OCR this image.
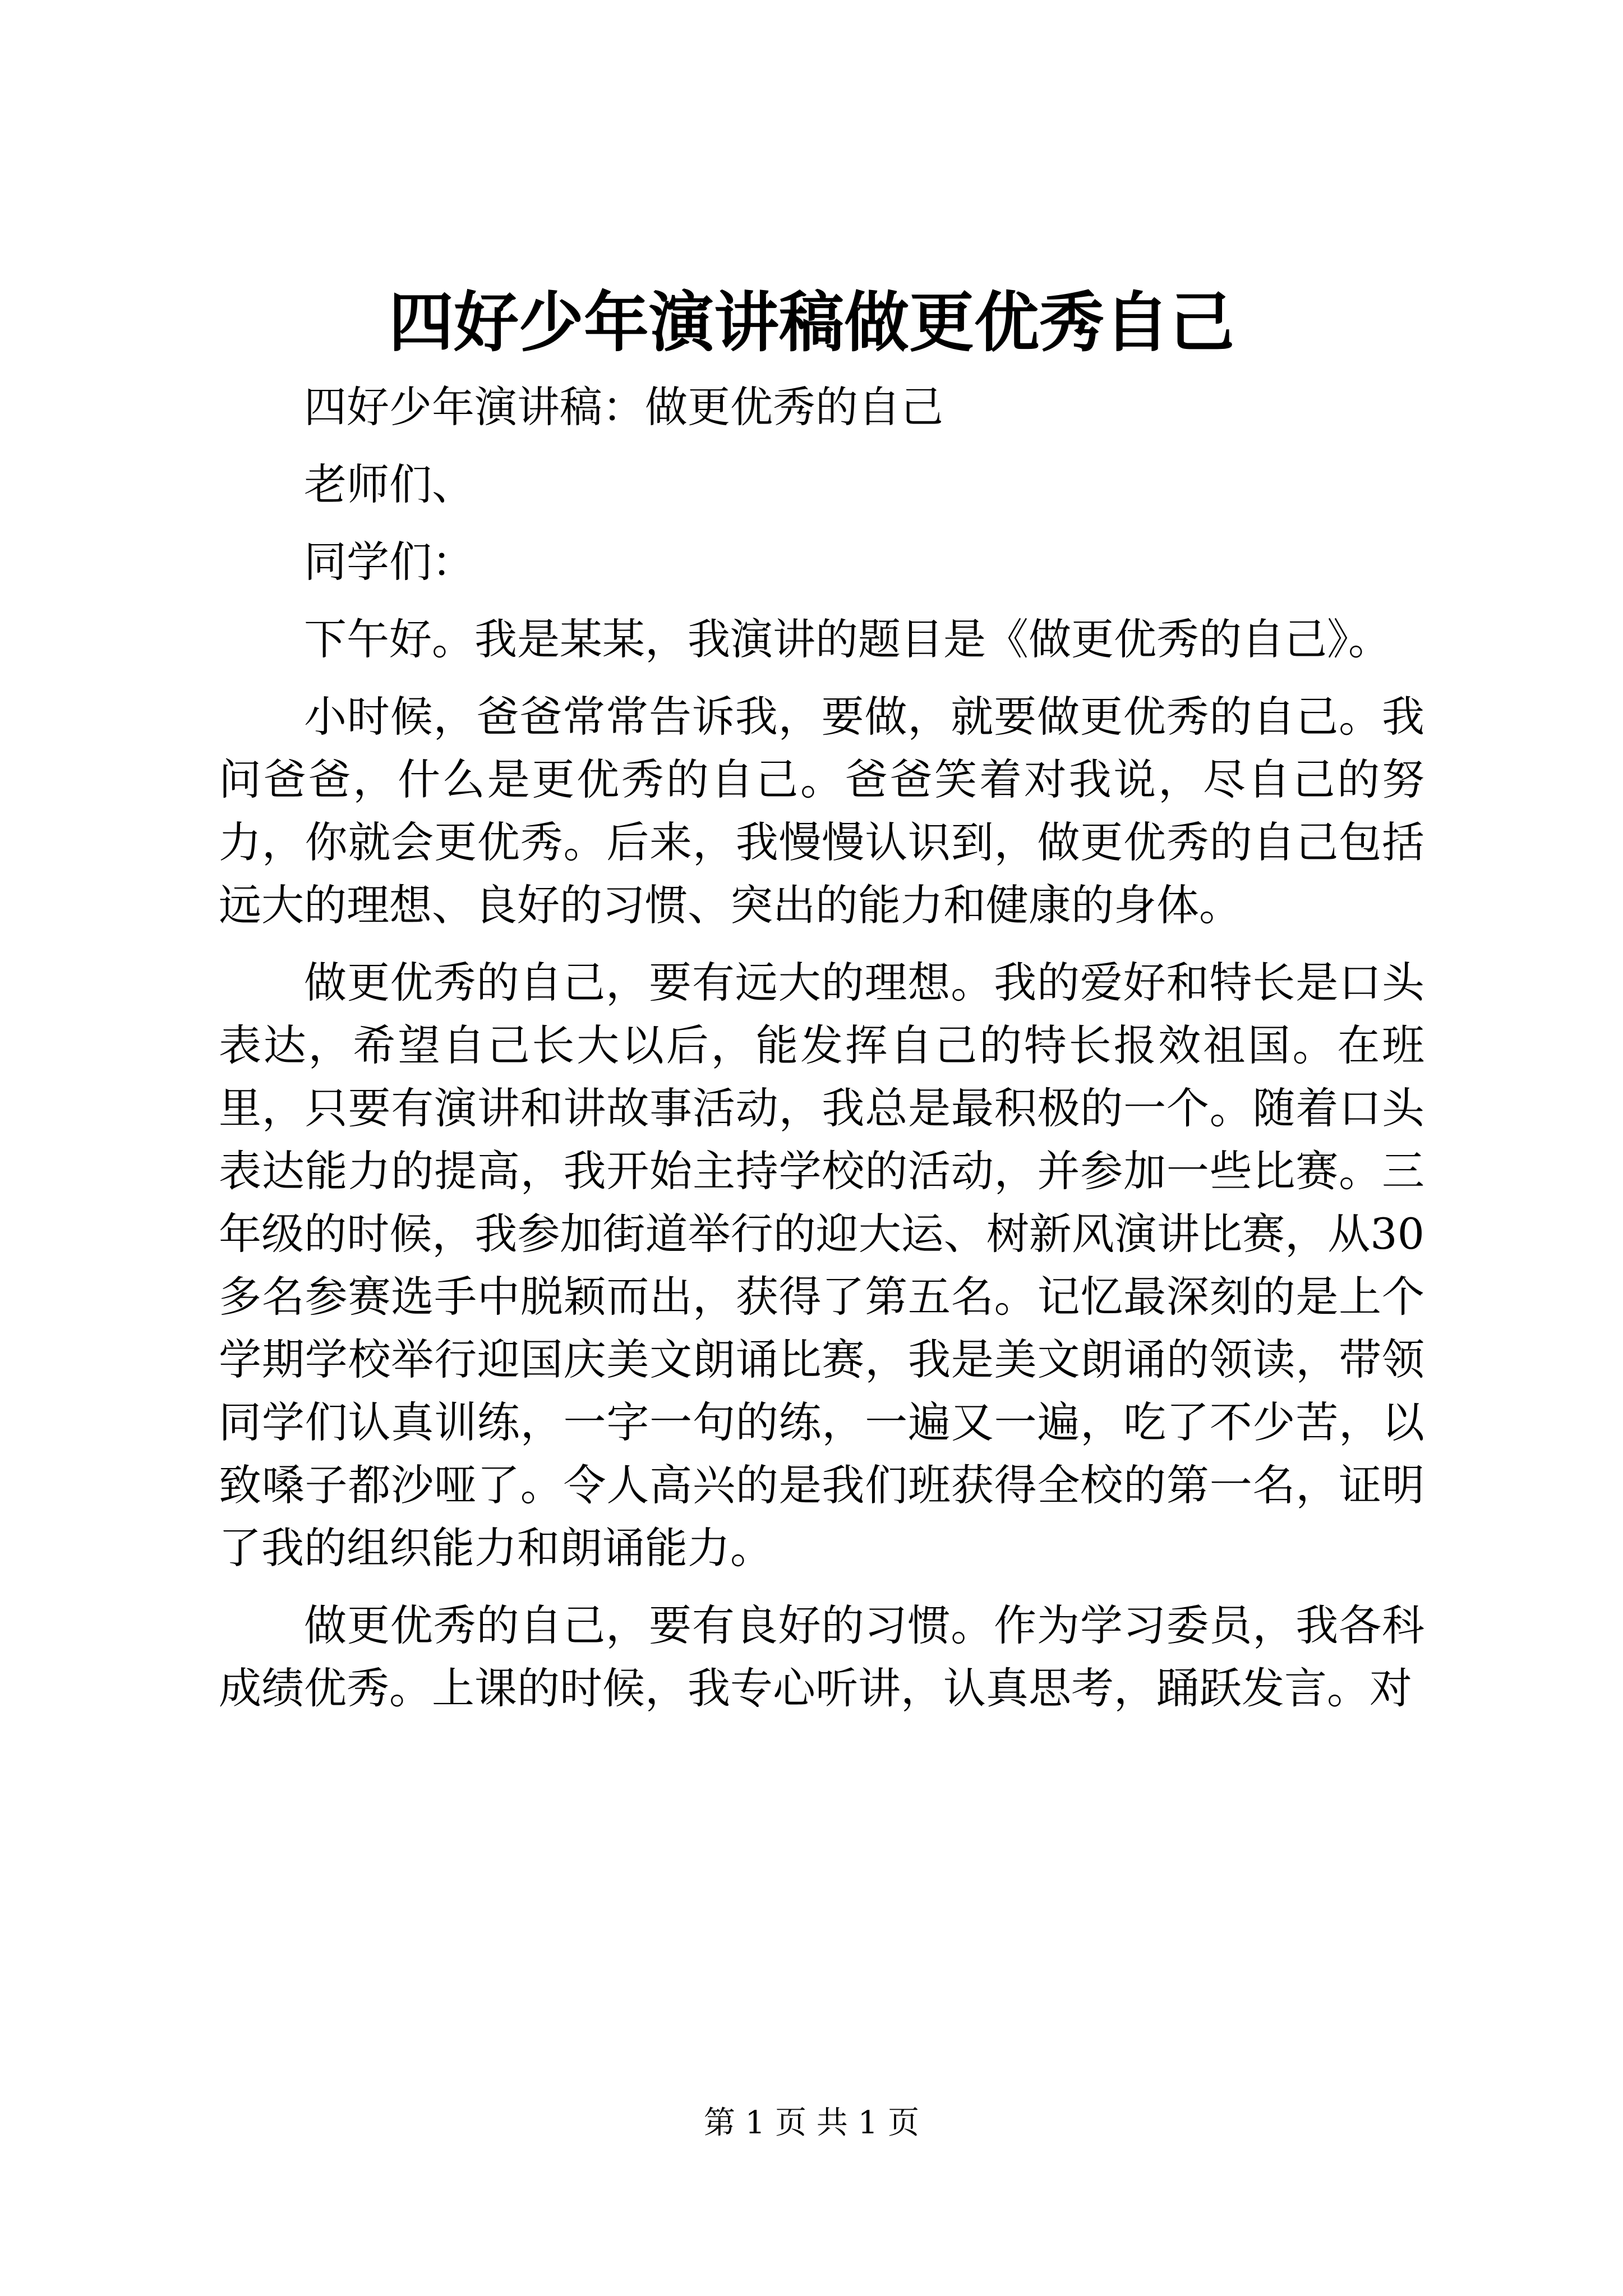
四好少年演讲稿做更优秀自己
四好少年演讲稿：做更优秀的自己
老师们、
同学们：
下午好。我是某某，我演讲的题目是《做更优秀的自己》。

小时候，爸爸常常告诉我，要做，就要做更优秀的自己。我问爸爸，什么是更优秀的自己。爸爸笑着对我说，尽自己的努力，你就会更优秀。后来，我慢慢认识到，做更优秀的自己包括远大的理想、良好的习惯、突出的能力和健康的身体。

做更优秀的自己，要有远大的理想。我的爱好和特长是口头表达，希望自己长大以后，能发挥自己的特长报效祖国。在班里，只要有演讲和讲故事活动，我总是最积极的一个。随着口头表达能力的提高，我开始主持学校的活动，并参加一些比赛。三年级的时候，我参加街道举行的迎大运、树新风演讲比赛，从30多名参赛选手中脱颖而出，获得了第五名。记忆最深刻的是上个学期学校举行迎国庆美文朗诵比赛，我是美文朗诵的领读，带领同学们认真训练，一字一句的练，一遍又一遍，吃了不少苦，以致嗓子都沙哑了。令人高兴的是我们班获得全校的第一名，证明了我的组织能力和朗诵能力。

做更优秀的自己，要有良好的习惯。作为学习委员，我各科成绩优秀。上课的时候，我专心听讲，认真思考，踊跃发言。对

第 1 页 共 1 页
